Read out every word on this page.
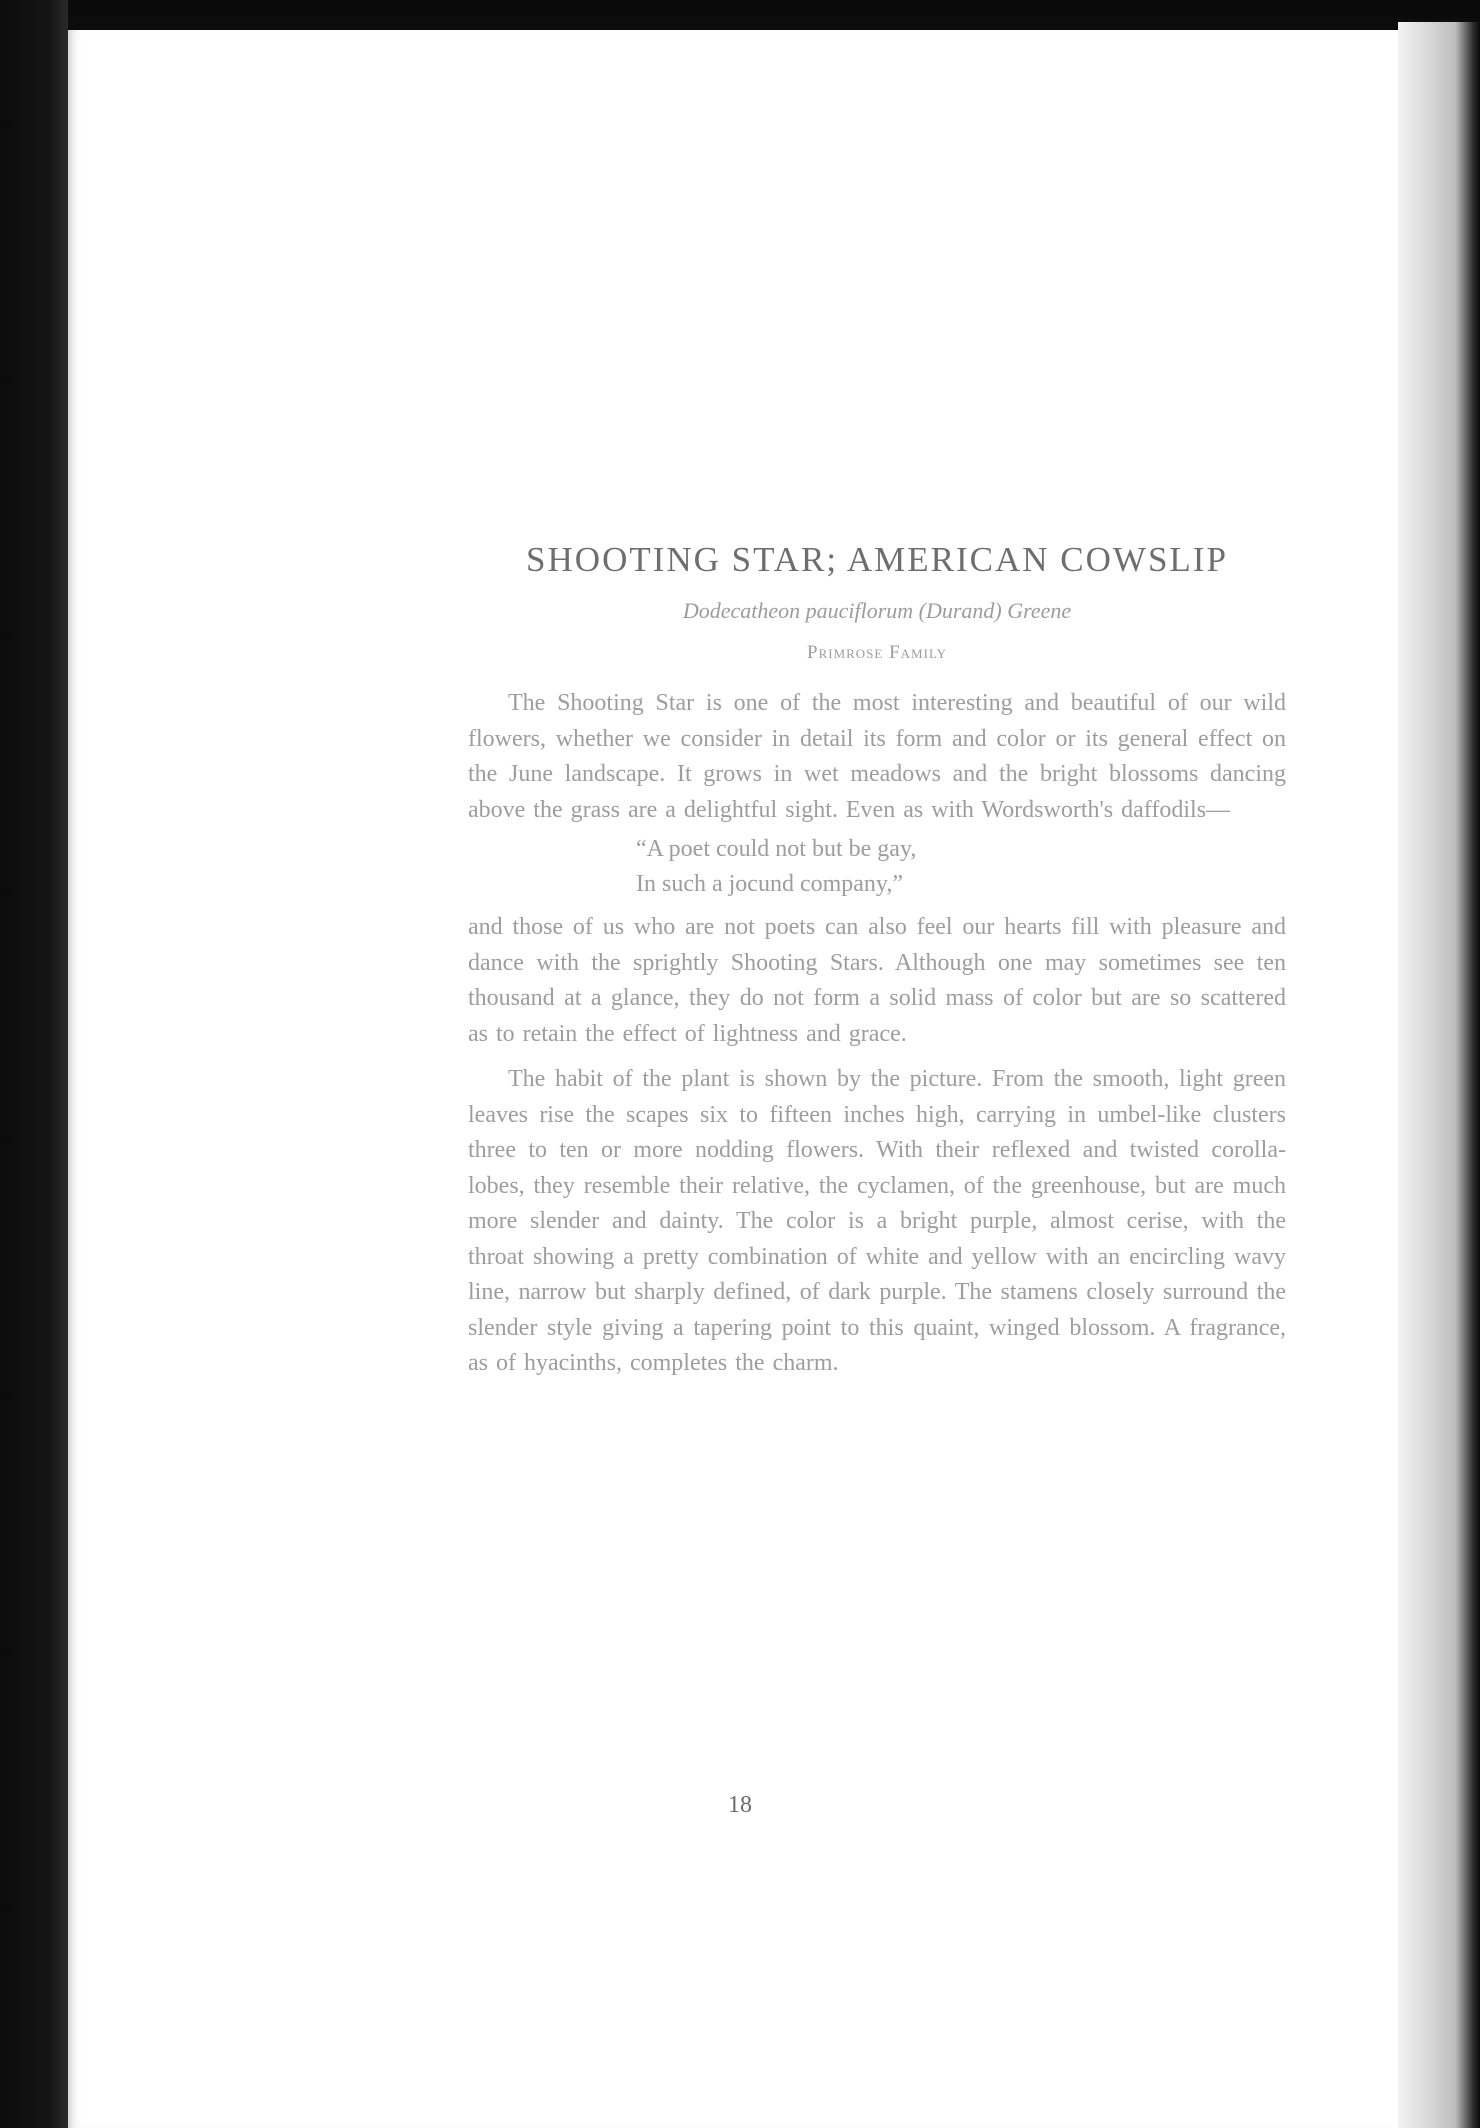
SHOOTING STAR; AMERICAN COWSLIP
Dodecatheon pauciflorum (Durand) Greene
Primrose Family

The Shooting Star is one of the most interesting and beautiful of our wild flowers, whether we consider in detail its form and color or its general effect on the June landscape. It grows in wet meadows and the bright blossoms dancing above the grass are a delightful sight. Even as with Wordsworth's daffodils—

“A poet could not but be gay,
In such a jocund company,”

and those of us who are not poets can also feel our hearts fill with pleasure and dance with the sprightly Shooting Stars. Although one may sometimes see ten thousand at a glance, they do not form a solid mass of color but are so scattered as to retain the effect of lightness and grace.

The habit of the plant is shown by the picture. From the smooth, light green leaves rise the scapes six to fifteen inches high, carrying in umbel-like clusters three to ten or more nodding flowers. With their reflexed and twisted corolla-lobes, they resemble their relative, the cyclamen, of the greenhouse, but are much more slender and dainty. The color is a bright purple, almost cerise, with the throat showing a pretty combination of white and yellow with an encircling wavy line, narrow but sharply defined, of dark purple. The stamens closely surround the slender style giving a tapering point to this quaint, winged blossom. A fragrance, as of hyacinths, completes the charm.

18
